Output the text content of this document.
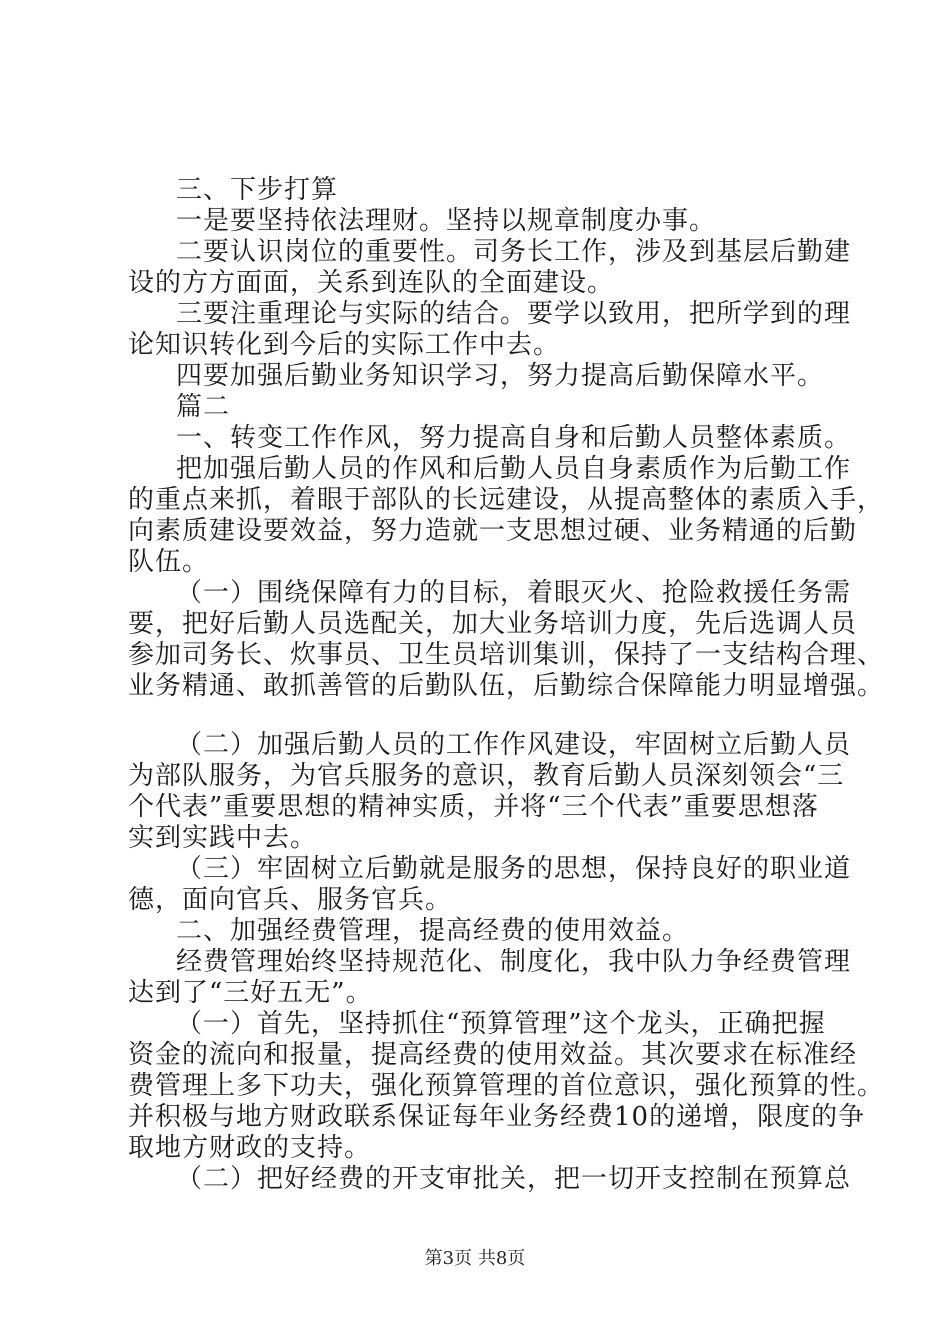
三、下步打算
一是要坚持依法理财。坚持以规章制度办事。
二要认识岗位的重要性。司务长工作，涉及到基层后勤建
设的方方面面，关系到连队的全面建设。
三要注重理论与实际的结合。要学以致用，把所学到的理
论知识转化到今后的实际工作中去。
四要加强后勤业务知识学习，努力提高后勤保障水平。
篇二
一、转变工作作风，努力提高自身和后勤人员整体素质。
把加强后勤人员的作风和后勤人员自身素质作为后勤工作
的重点来抓，着眼于部队的长远建设，从提高整体的素质入手，
向素质建设要效益，努力造就一支思想过硬、业务精通的后勤
队伍。
（一）围绕保障有力的目标，着眼灭火、抢险救援任务需
要，把好后勤人员选配关，加大业务培训力度，先后选调人员
参加司务长、炊事员、卫生员培训集训，保持了一支结构合理、
业务精通、敢抓善管的后勤队伍，后勤综合保障能力明显增强。
（二）加强后勤人员的工作作风建设，牢固树立后勤人员
为部队服务，为官兵服务的意识，教育后勤人员深刻领会“三
个代表”重要思想的精神实质，并将“三个代表”重要思想落
实到实践中去。
（三）牢固树立后勤就是服务的思想，保持良好的职业道
德，面向官兵、服务官兵。
二、加强经费管理，提高经费的使用效益。
经费管理始终坚持规范化、制度化，我中队力争经费管理
达到了“三好五无”。
（一）首先，坚持抓住“预算管理”这个龙头，正确把握
资金的流向和报量，提高经费的使用效益。其次要求在标准经
费管理上多下功夫，强化预算管理的首位意识，强化预算的性。
并积极与地方财政联系保证每年业务经费10的递增，限度的争
取地方财政的支持。
（二）把好经费的开支审批关，把一切开支控制在预算总
第3页 共8页
